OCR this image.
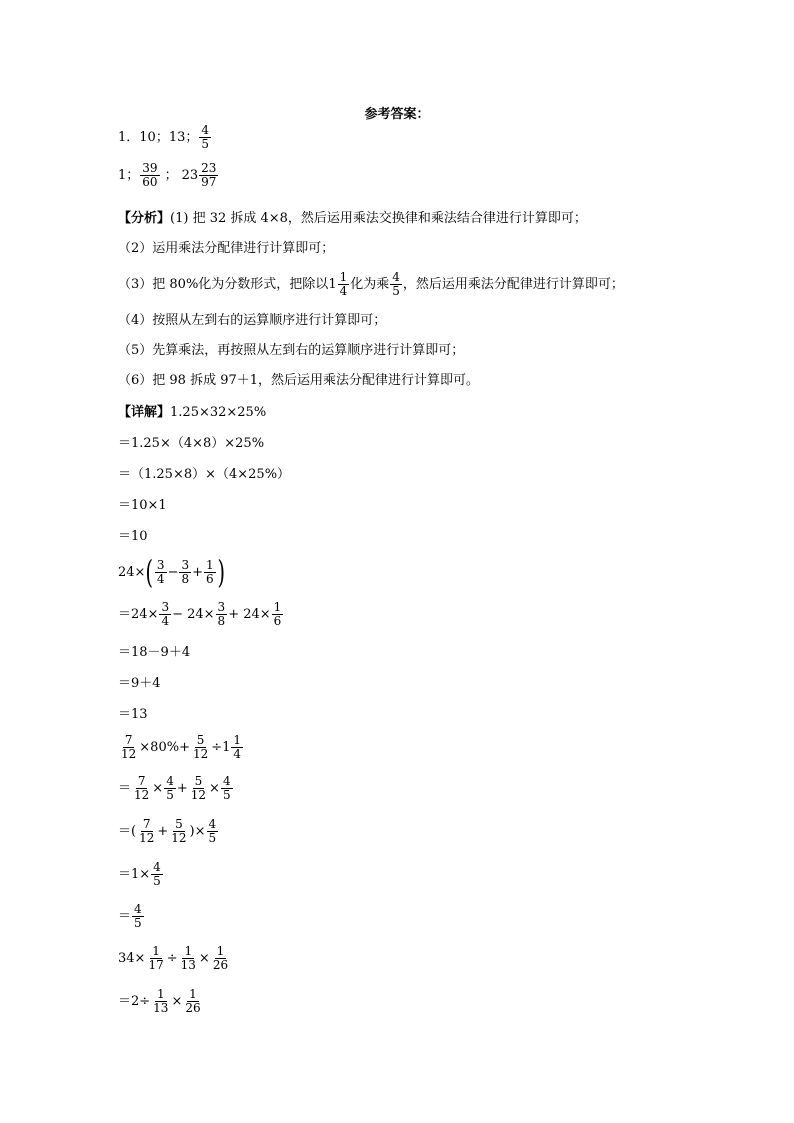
参考答案：
1．10；13； $\frac{4}{5}$
1； $\frac{39}{60}$ ； $23 \frac{23}{97}$
【分析】 (1) 把 32 拆成 4×8，然后运用乘法交换律和乘法结合律进行计算即可；
（2）运用乘法分配律进行计算即可；
（3）把 80%化为分数形式，把除以 $1 \frac{1}{4}$ 化为乘 $\frac{4}{5}$ ，然后运用乘法分配律进行计算即可；
（4）按照从左到右的运算顺序进行计算即可；
（5）先算乘法，再按照从左到右的运算顺序进行计算即可；
（6）把 98 拆成 97＋1，然后运用乘法分配律进行计算即可。
【详解】 1.25×32×25%
＝1.25×（4×8）×25%
＝（1.25×8）×（4×25%）
＝10×1
＝10
24× ( $\frac{3}{4} - \frac{3}{8} + \frac{1}{6}$ )
$=24\times \frac{3}{4} - 24\times \frac{3}{8} + 24\times \frac{1}{6}$
＝18－9＋4
＝9＋4
＝13
$\frac{7}{12} \times 80\%+ \frac{5}{12} \div 1 \frac{1}{4}$
＝ $\frac{7}{12} \times \frac{4}{5} + \frac{5}{12} \times \frac{4}{5}$
＝( $\frac{7}{12} + \frac{5}{12}$ )× $\frac{4}{5}$
$=1\times \frac{4}{5}$
＝ $\frac{4}{5}$
$34\times \frac{1}{17} \div \frac{1}{13} \times \frac{1}{26}$
$=2\div \frac{1}{13} \times \frac{1}{26}$
